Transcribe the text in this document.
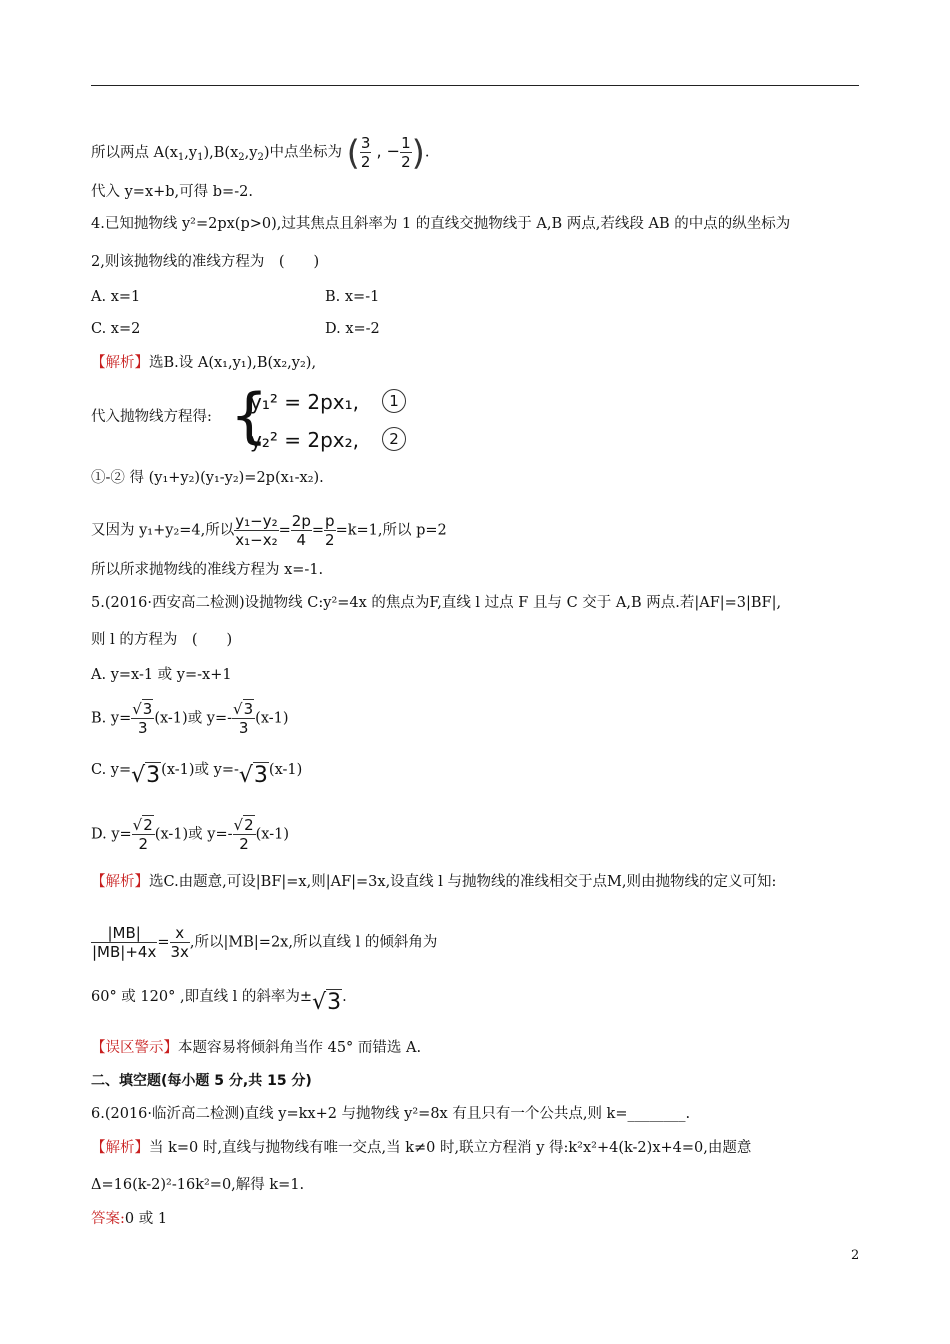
所以两点 $A(x_1,y_1),B(x_2,y_2)$中点坐标为 ( $\frac{3}{2}$ , − $\frac{1}{2}$ ).
代入 y=x+b,可得 b=-2.
4.已知抛物线 y²=2px(p>0),过其焦点且斜率为 1 的直线交抛物线于 A,B 两点,若线段 AB 的中点的纵坐标为
2,则该抛物线的准线方程为　(　　)
A. x=1	B. x=-1
C. x=2	D. x=-2
【解析】选B.设 A(x₁,y₁),B(x₂,y₂),
代入抛物线方程得: {
y₁² = 2px₁,
y₂² = 2px₂,
1
2
①-② 得 (y₁+y₂)(y₁-y₂)=2p(x₁-x₂).
又因为 y₁+y₂=4,所以 $\frac{\text{y₁−y₂}}{\text{x₁−x₂}} = \frac{2p}{4} = \frac{p}{2} =k=1$,所以 p=2
所以所求抛物线的准线方程为 x=-1.
5.(2016·西安高二检测)设抛物线 C:y²=4x 的焦点为F,直线 l 过点 F 且与 C 交于 A,B 两点.若|AF|=3|BF|,
则 l 的方程为　(　　)
A. y=x-1 或 y=-x+1
B. $y= \frac{√3}{3} (x-1)$或 $y=- \frac{√3}{3} (x-1)$
C. y=√3(x-1)或 y=-√3(x-1)
D. $y= \frac{√2}{2} (x-1)$或 $y=- \frac{√2}{2} (x-1)$
【解析】选C.由题意,可设|BF|=x,则|AF|=3x,设直线 l 与抛物线的准线相交于点M,则由抛物线的定义可知:
$\frac{|MB|}{|MB|+4x} = \frac{x}{3x}$ ,所以|MB|=2x,所以直线 l 的倾斜角为
60° 或 120° ,即直线 l 的斜率为±√3.
【误区警示】本题容易将倾斜角当作 45° 而错选 A.
二、填空题(每小题 5 分,共 15 分)
6.(2016·临沂高二检测)直线 y=kx+2 与抛物线 y²=8x 有且只有一个公共点,则 k=________.
【解析】当 k=0 时,直线与抛物线有唯一交点,当 k≠0 时,联立方程消 y 得:k²x²+4(k-2)x+4=0,由题意
Δ=16(k-2)²-16k²=0,解得 k=1.
答案:0 或 1
2
